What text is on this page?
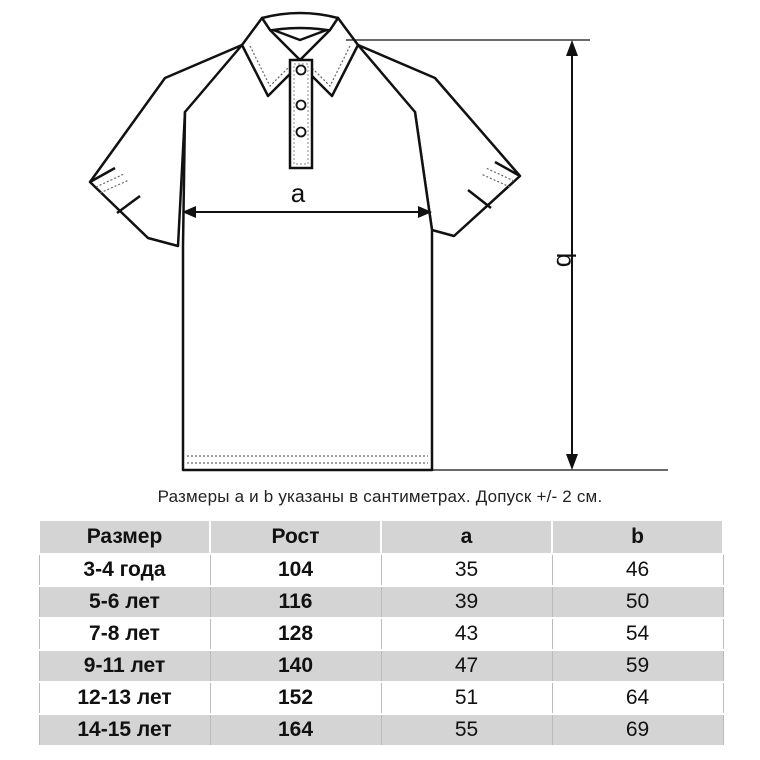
a
b
Размеры a и b указаны в сантиметрах. Допуск +/- 2 см.
Размер	Рост	a	b
3-4 года	104	35	46
5-6 лет	116	39	50
7-8 лет	128	43	54
9-11 лет	140	47	59
12-13 лет	152	51	64
14-15 лет	164	55	69
